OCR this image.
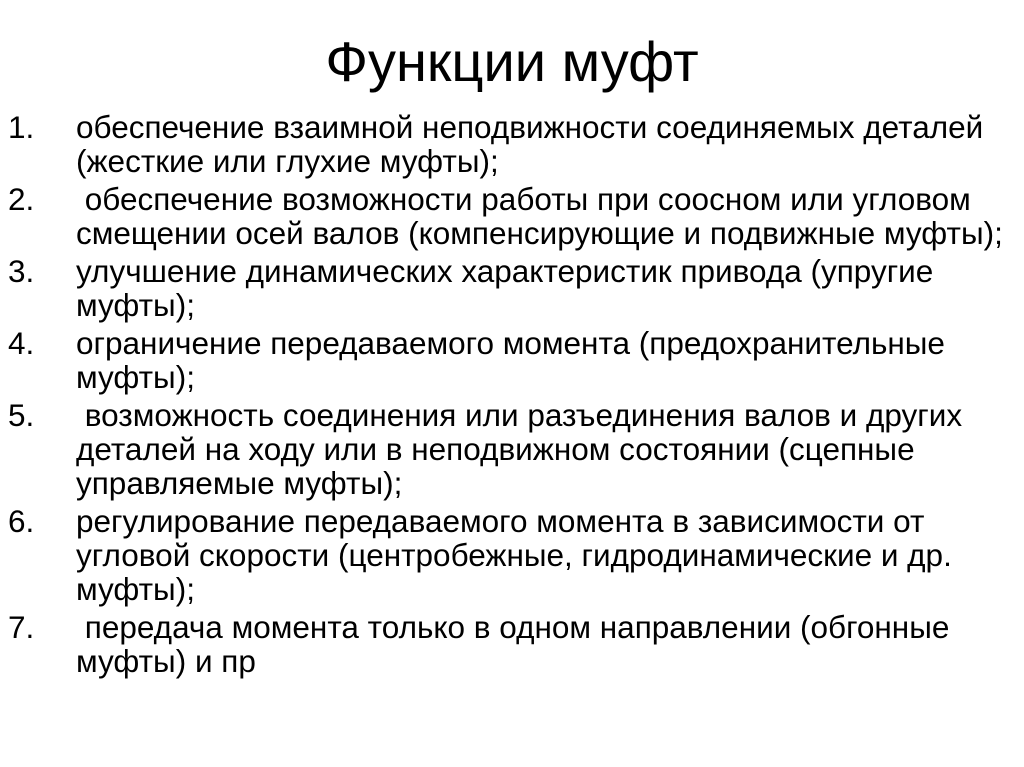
Функции муфт
1.	обеспечение взаимной неподвижности соединяемых деталей (жесткие или глухие муфты);
2.	обеспечение возможности работы при соосном или угловом смещении осей валов (компенсирующие и подвижные муфты);
3.	улучшение динамических характеристик привода (упругие муфты);
4.	ограничение передаваемого момента (предохранительные муфты);
5.	возможность соединения или разъединения валов и других деталей на ходу или в неподвижном состоянии (сцепные управляемые муфты);
6.	регулирование передаваемого момента в зависимости от угловой скорости (центробежные, гидродинамические и др. муфты);
7.	передача момента только в одном направлении (обгонные муфты) и пр
